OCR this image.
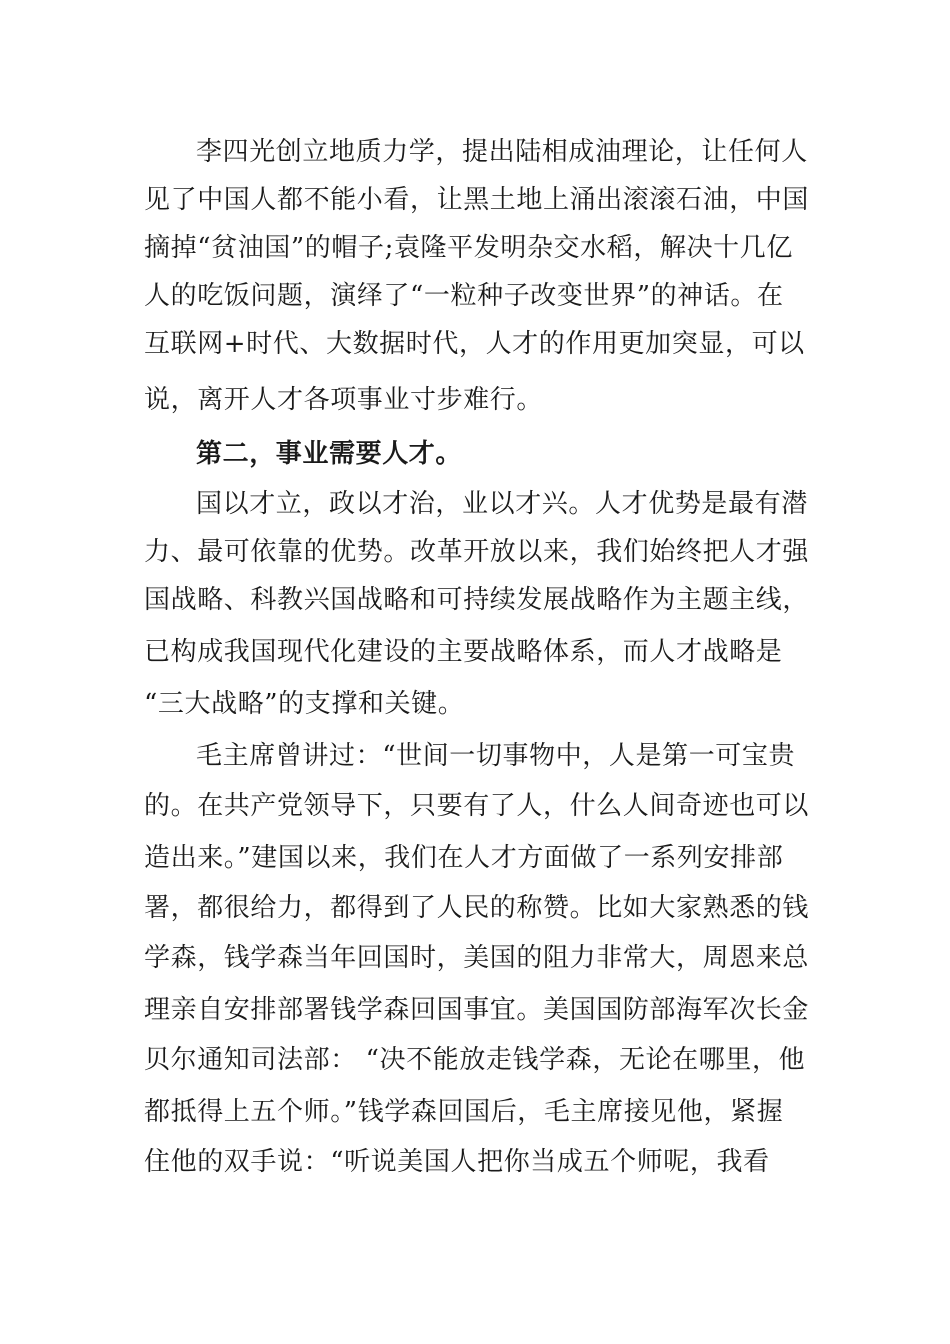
李四光创立地质力学，提出陆相成油理论，让任何人
见了中国人都不能小看，让黑土地上涌出滚滚石油，中国
摘掉“贫油国”的帽子;袁隆平发明杂交水稻，解决十几亿
人的吃饭问题，演绎了“一粒种子改变世界”的神话。在
互联网+时代、大数据时代，人才的作用更加突显，可以
说，离开人才各项事业寸步难行。
第二，事业需要人才。
国以才立，政以才治，业以才兴。人才优势是最有潜
力、最可依靠的优势。改革开放以来，我们始终把人才强
国战略、科教兴国战略和可持续发展战略作为主题主线，
已构成我国现代化建设的主要战略体系，而人才战略是
“三大战略”的支撑和关键。
毛主席曾讲过：“世间一切事物中，人是第一可宝贵
的。在共产党领导下，只要有了人，什么人间奇迹也可以
造出来。”建国以来，我们在人才方面做了一系列安排部
署，都很给力，都得到了人民的称赞。比如大家熟悉的钱
学森，钱学森当年回国时，美国的阻力非常大，周恩来总
理亲自安排部署钱学森回国事宜。美国国防部海军次长金
贝尔通知司法部： “决不能放走钱学森，无论在哪里，他
都抵得上五个师。”钱学森回国后，毛主席接见他，紧握
住他的双手说：“听说美国人把你当成五个师呢，我看
